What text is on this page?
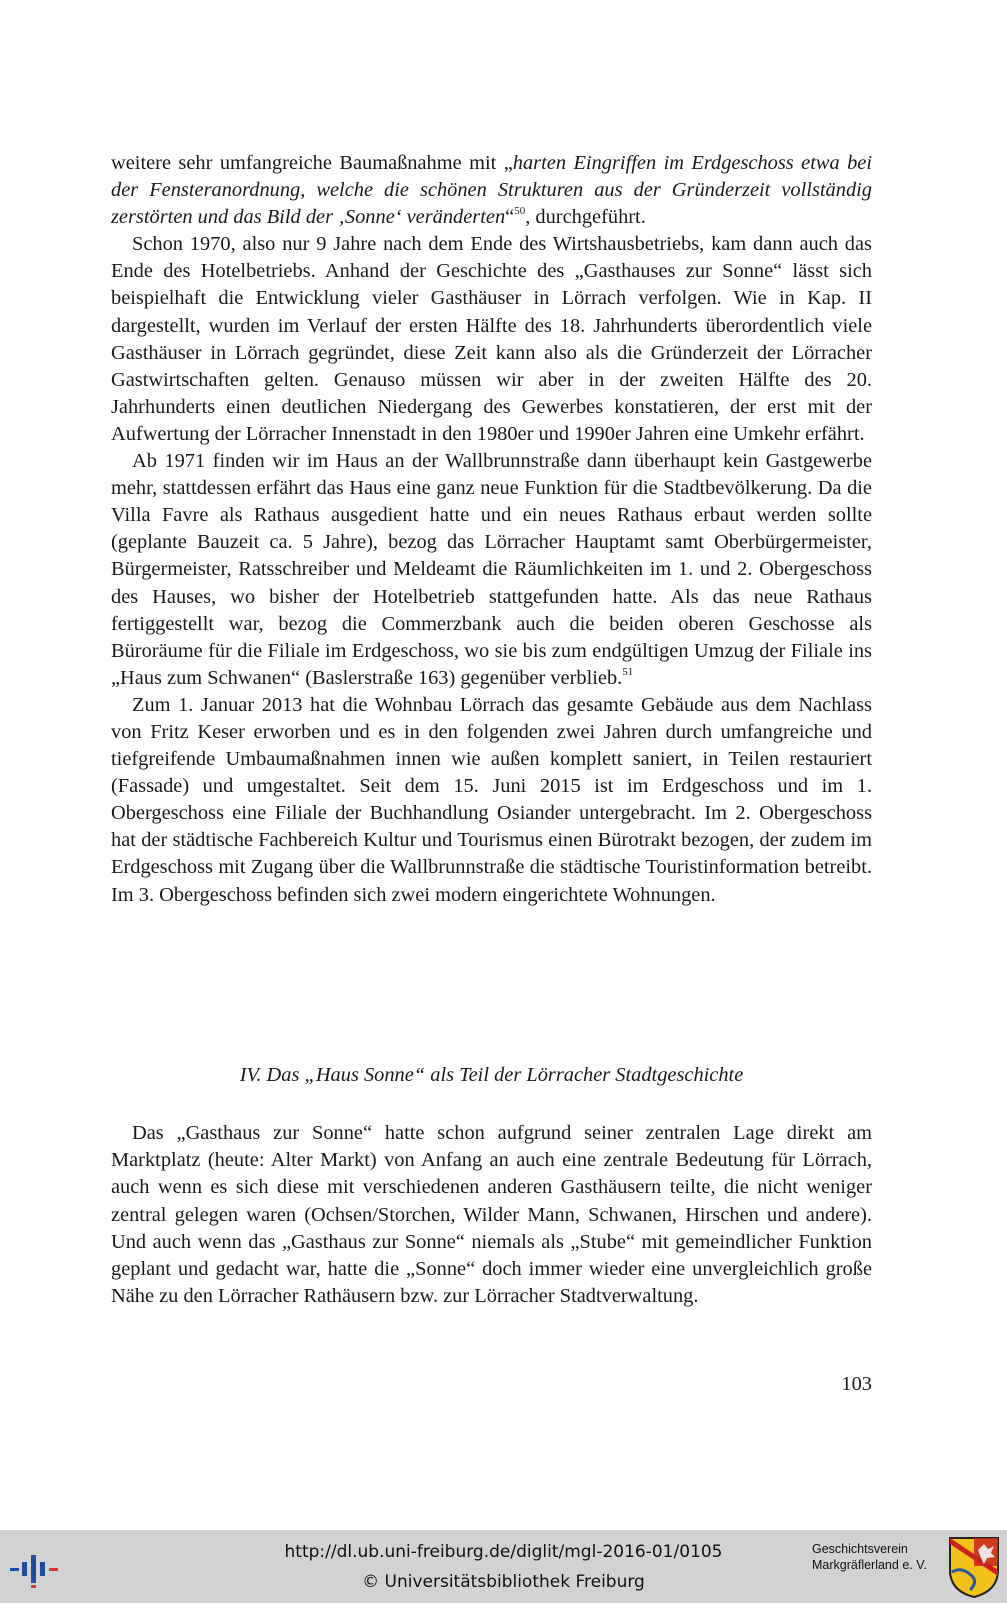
weitere sehr umfangreiche Baumaßnahme mit „harten Eingriffen im Erdgeschoss etwa bei der Fensteranordnung, welche die schönen Strukturen aus der Gründerzeit vollständig zerstörten und das Bild der ‚Sonne‘ veränderten“$^{50}$, durchgeführt.

Schon 1970, also nur 9 Jahre nach dem Ende des Wirtshausbetriebs, kam dann auch das Ende des Hotelbetriebs. Anhand der Geschichte des „Gasthauses zur Sonne“ lässt sich beispielhaft die Entwicklung vieler Gasthäuser in Lörrach verfolgen. Wie in Kap. II dargestellt, wurden im Verlauf der ersten Hälfte des 18. Jahrhunderts überordentlich viele Gasthäuser in Lörrach gegründet, diese Zeit kann also als die Gründerzeit der Lörracher Gastwirtschaften gelten. Genauso müssen wir aber in der zweiten Hälfte des 20. Jahrhunderts einen deutlichen Niedergang des Gewerbes konstatieren, der erst mit der Aufwertung der Lörracher Innenstadt in den 1980er und 1990er Jahren eine Umkehr erfährt.

Ab 1971 finden wir im Haus an der Wallbrunnstraße dann überhaupt kein Gastgewerbe mehr, stattdessen erfährt das Haus eine ganz neue Funktion für die Stadtbevölkerung. Da die Villa Favre als Rathaus ausgedient hatte und ein neues Rathaus erbaut werden sollte (geplante Bauzeit ca. 5 Jahre), bezog das Lörracher Hauptamt samt Oberbürgermeister, Bürgermeister, Ratsschreiber und Meldeamt die Räumlichkeiten im 1. und 2. Obergeschoss des Hauses, wo bisher der Hotelbetrieb stattgefunden hatte. Als das neue Rathaus fertiggestellt war, bezog die Commerzbank auch die beiden oberen Geschosse als Büroräume für die Filiale im Erdgeschoss, wo sie bis zum endgültigen Umzug der Filiale ins „Haus zum Schwanen“ (Baslerstraße 163) gegenüber verblieb.$^{51}$

Zum 1. Januar 2013 hat die Wohnbau Lörrach das gesamte Gebäude aus dem Nachlass von Fritz Keser erworben und es in den folgenden zwei Jahren durch umfangreiche und tiefgreifende Umbaumaßnahmen innen wie außen komplett saniert, in Teilen restauriert (Fassade) und umgestaltet. Seit dem 15. Juni 2015 ist im Erdgeschoss und im 1. Obergeschoss eine Filiale der Buchhandlung Osiander untergebracht. Im 2. Obergeschoss hat der städtische Fachbereich Kultur und Tourismus einen Bürotrakt bezogen, der zudem im Erdgeschoss mit Zugang über die Wallbrunnstraße die städtische Touristinformation betreibt. Im 3. Obergeschoss befinden sich zwei modern eingerichtete Wohnungen.

IV. Das „Haus Sonne“ als Teil der Lörracher Stadtgeschichte

Das „Gasthaus zur Sonne“ hatte schon aufgrund seiner zentralen Lage direkt am Marktplatz (heute: Alter Markt) von Anfang an auch eine zentrale Bedeutung für Lörrach, auch wenn es sich diese mit verschiedenen anderen Gasthäusern teilte, die nicht weniger zentral gelegen waren (Ochsen/Storchen, Wilder Mann, Schwanen, Hirschen und andere). Und auch wenn das „Gasthaus zur Sonne“ niemals als „Stube“ mit gemeindlicher Funktion geplant und gedacht war, hatte die „Sonne“ doch immer wieder eine unvergleichlich große Nähe zu den Lörracher Rathäusern bzw. zur Lörracher Stadtverwaltung.

103
http://dl.ub.uni-freiburg.de/diglit/mgl-2016-01/0105
© Universitätsbibliothek Freiburg
Geschichtsverein
Markgräflerland e. V.
